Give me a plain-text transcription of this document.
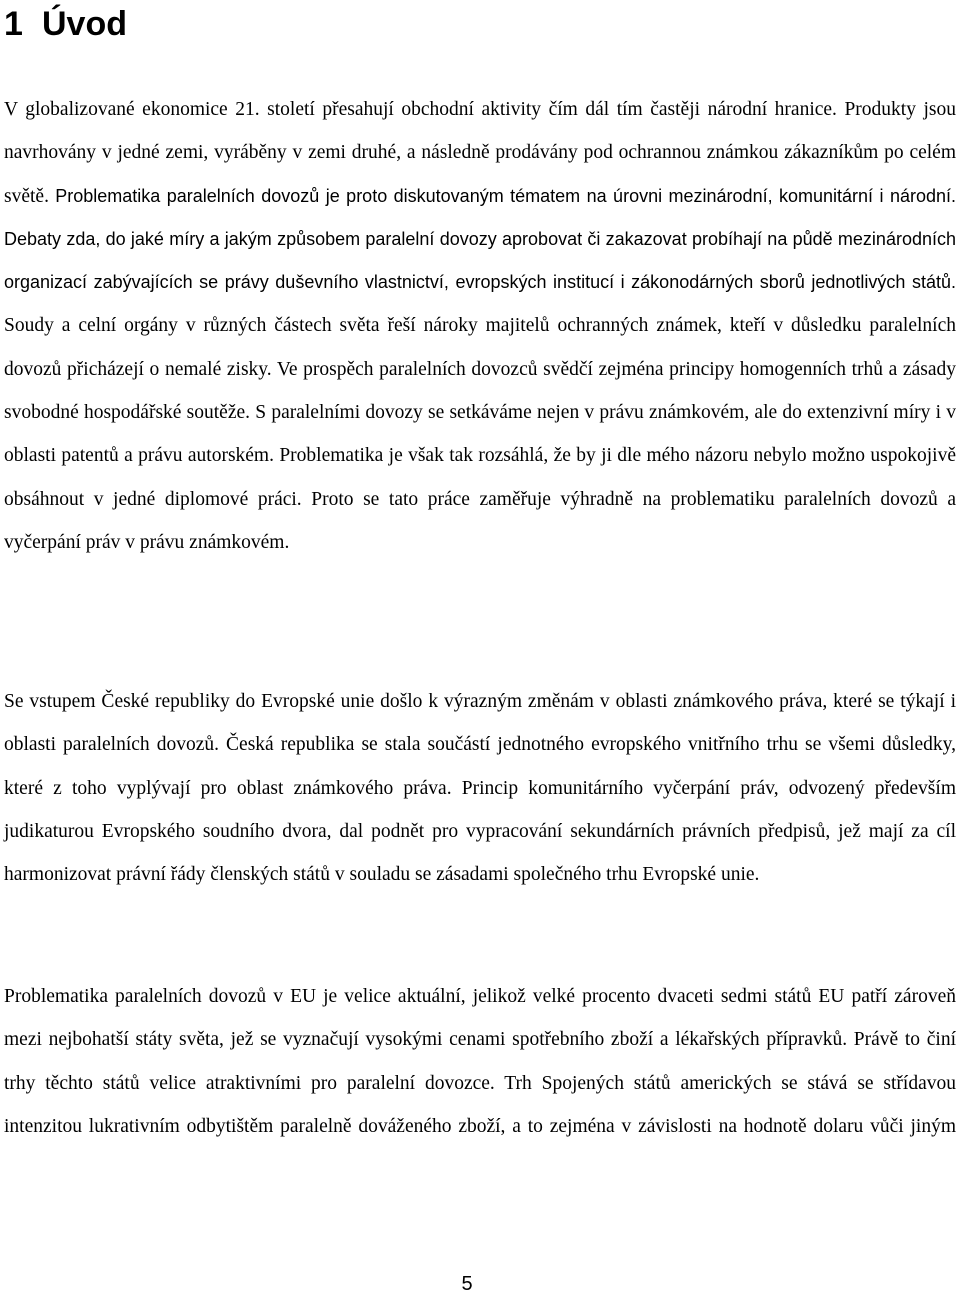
1 Úvod

V globalizované ekonomice 21. století přesahují obchodní aktivity čím dál tím častěji národní hranice. Produkty jsou navrhovány v jedné zemi, vyráběny v zemi druhé, a následně prodávány pod ochrannou známkou zákazníkům po celém světě. Problematika paralelních dovozů je proto diskutovaným tématem na úrovni mezinárodní, komunitární i národní. Debaty zda, do jaké míry a jakým způsobem paralelní dovozy aprobovat či zakazovat probíhají na půdě mezinárodních organizací zabývajících se právy duševního vlastnictví, evropských institucí i zákonodárných sborů jednotlivých států. Soudy a celní orgány v různých částech světa řeší nároky majitelů ochranných známek, kteří v důsledku paralelních dovozů přicházejí o nemalé zisky. Ve prospěch paralelních dovozců svědčí zejména principy homogenních trhů a zásady svobodné hospodářské soutěže. S paralelními dovozy se setkáváme nejen v právu známkovém, ale do extenzivní míry i v oblasti patentů a právu autorském. Problematika je však tak rozsáhlá, že by ji dle mého názoru nebylo možno uspokojivě obsáhnout v jedné diplomové práci. Proto se tato práce zaměřuje výhradně na problematiku paralelních dovozů a vyčerpání práv v právu známkovém.

Se vstupem České republiky do Evropské unie došlo k výrazným změnám v oblasti známkového práva, které se týkají i oblasti paralelních dovozů. Česká republika se stala součástí jednotného evropského vnitřního trhu se všemi důsledky, které z toho vyplývají pro oblast známkového práva. Princip komunitárního vyčerpání práv, odvozený především judikaturou Evropského soudního dvora, dal podnět pro vypracování sekundárních právních předpisů, jež mají za cíl harmonizovat právní řády členských států v souladu se zásadami společného trhu Evropské unie.

Problematika paralelních dovozů v EU je velice aktuální, jelikož velké procento dvaceti sedmi států EU patří zároveň mezi nejbohatší státy světa, jež se vyznačují vysokými cenami spotřebního zboží a lékařských přípravků. Právě to činí trhy těchto států velice atraktivními pro paralelní dovozce. Trh Spojených států amerických se stává se střídavou intenzitou lukrativním odbytištěm paralelně dováženého zboží, a to zejména v závislosti na hodnotě dolaru vůči jiným

5
